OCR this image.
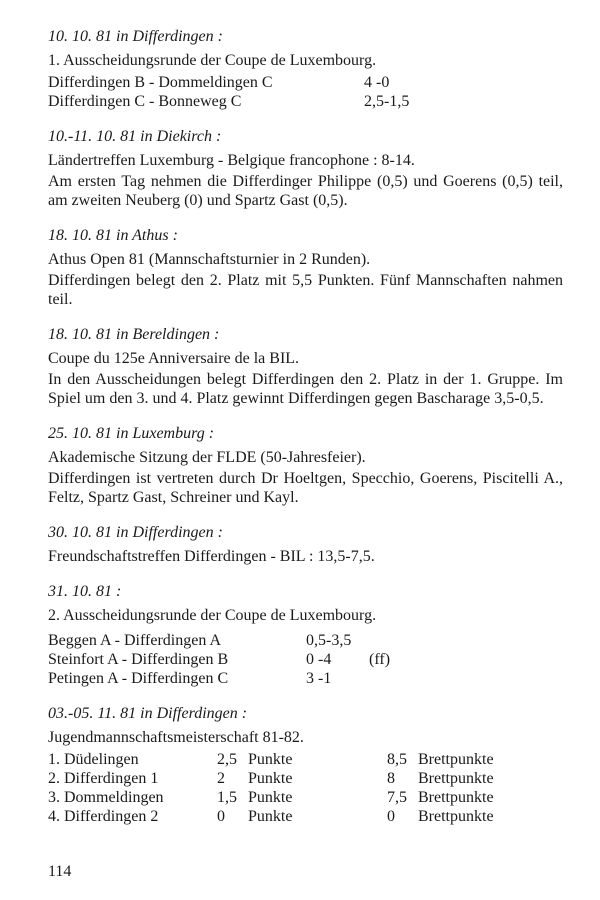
10. 10. 81 in Differdingen :
1. Ausscheidungsrunde der Coupe de Luxembourg.
Differdingen B - Dommeldingen C	4 -0
Differdingen C - Bonneweg C	2,5-1,5
10.-11. 10. 81 in Diekirch :
Ländertreffen Luxemburg - Belgique francophone : 8-14.
Am ersten Tag nehmen die Differdinger Philippe (0,5) und Goerens (0,5) teil, am zweiten Neuberg (0) und Spartz Gast (0,5).
18. 10. 81 in Athus :
Athus Open 81 (Mannschaftsturnier in 2 Runden).
Differdingen belegt den 2. Platz mit 5,5 Punkten. Fünf Mannschaften nahmen teil.
18. 10. 81 in Bereldingen :
Coupe du 125e Anniversaire de la BIL.
In den Ausscheidungen belegt Differdingen den 2. Platz in der 1. Gruppe. Im Spiel um den 3. und 4. Platz gewinnt Differdingen gegen Bascharage 3,5-0,5.
25. 10. 81 in Luxemburg :
Akademische Sitzung der FLDE (50-Jahresfeier).
Differdingen ist vertreten durch Dr Hoeltgen, Specchio, Goerens, Piscitelli A., Feltz, Spartz Gast, Schreiner und Kayl.
30. 10. 81 in Differdingen :
Freundschaftstreffen Differdingen - BIL : 13,5-7,5.
31. 10. 81 :
2. Ausscheidungsrunde der Coupe de Luxembourg.
Beggen A - Differdingen A	0,5-3,5
Steinfort A - Differdingen B	0 -4 (ff)
Petingen A - Differdingen C	3 -1
03.-05. 11. 81 in Differdingen :
Jugendmannschaftsmeisterschaft 81-82.
1. Düdelingen	2,5 Punkte	8,5 Brettpunkte
2. Differdingen 1	2 Punkte	8 Brettpunkte
3. Dommeldingen	1,5 Punkte	7,5 Brettpunkte
4. Differdingen 2	0 Punkte	0 Brettpunkte
114
